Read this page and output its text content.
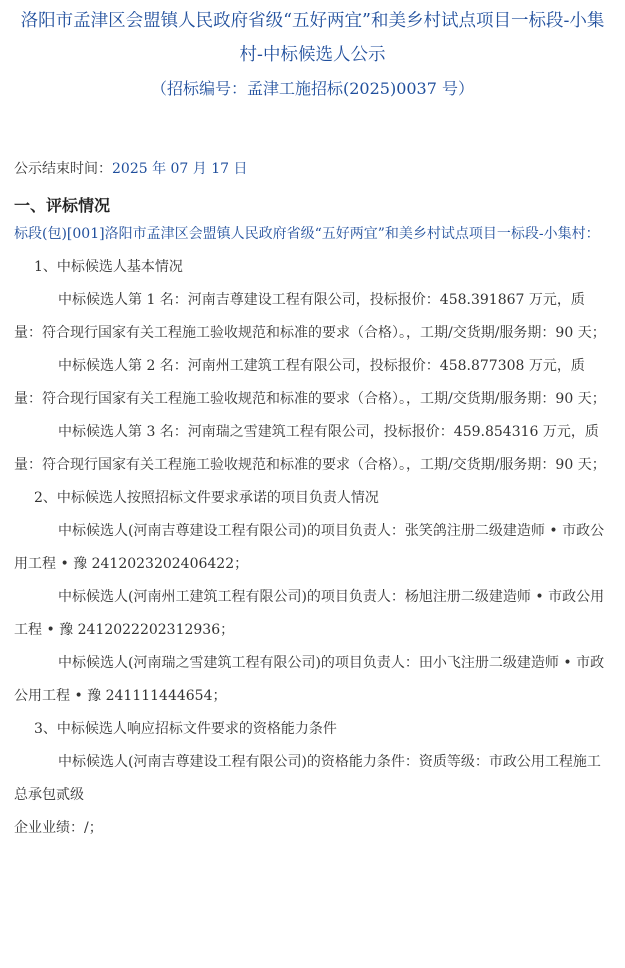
洛阳市孟津区会盟镇人民政府省级“五好两宜”和美乡村试点项目一标段-小集村-中标候选人公示

（招标编号：孟津工施招标(2025)0037 号）

公示结束时间：2025 年 07 月 17 日

一、评标情况

标段(包)[001]洛阳市孟津区会盟镇人民政府省级“五好两宜”和美乡村试点项目一标段-小集村：

1、中标候选人基本情况

中标候选人第 1 名：河南吉尊建设工程有限公司，投标报价：458.391867 万元，质量：符合现行国家有关工程施工验收规范和标准的要求（合格）。，工期/交货期/服务期：90 天；

中标候选人第 2 名：河南州工建筑工程有限公司，投标报价：458.877308 万元，质量：符合现行国家有关工程施工验收规范和标准的要求（合格）。，工期/交货期/服务期：90 天；

中标候选人第 3 名：河南瑞之雪建筑工程有限公司，投标报价：459.854316 万元，质量：符合现行国家有关工程施工验收规范和标准的要求（合格）。，工期/交货期/服务期：90 天；

2、中标候选人按照招标文件要求承诺的项目负责人情况

中标候选人(河南吉尊建设工程有限公司)的项目负责人：张笑鸽注册二级建造师 • 市政公用工程 • 豫 2412023202406422；

中标候选人(河南州工建筑工程有限公司)的项目负责人：杨旭注册二级建造师 • 市政公用工程 • 豫 2412022202312936；

中标候选人(河南瑞之雪建筑工程有限公司)的项目负责人：田小飞注册二级建造师 • 市政公用工程 • 豫 241111444654；

3、中标候选人响应招标文件要求的资格能力条件

中标候选人(河南吉尊建设工程有限公司)的资格能力条件：资质等级：市政公用工程施工总承包贰级

企业业绩：/；
